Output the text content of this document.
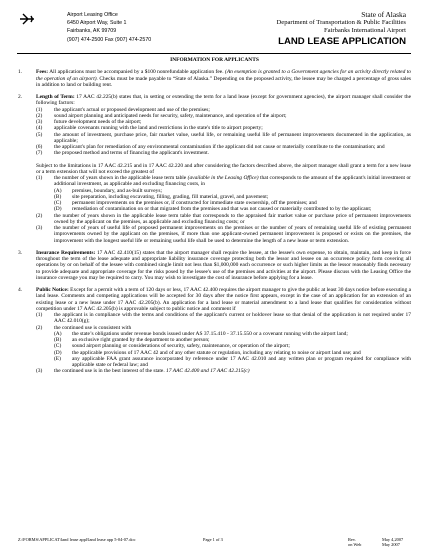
Airport Leasing Office
6450 Airport Way, Suite 1
Fairbanks, AK 99709
(907) 474-2500 Fax (907) 474-2570
State of Alaska
Department of Transportation & Public Facilities
Fairbanks International Airport
LAND LEASE APPLICATION

INFORMATION FOR APPLICANTS

1.	Fees: All applications must be accompanied by a $100 nonrefundable application fee. (An exemption is granted to a Government agencies for an activity directly related to the operation of an airport). Checks must be made payable to “State of Alaska.” Depending on the proposed activity, the lessee may be charged a percentage of gross sales in addition to land or building rent.

2.	Length of Term: 17 AAC 42.225(b) states that, in setting or extending the term for a land lease (except for government agencies), the airport manager shall consider the following factors:

(1)	the applicant's actual or proposed development and use of the premises;
(2)	sound airport planning and anticipated needs for security, safety, maintenance, and operation of the airport;
(3)	future development needs of the airport;
(4)	applicable covenants running with the land and restrictions in the state's title to airport property;
(5)	the amount of investment, purchase price, fair market value, useful life, or remaining useful life of permanent improvements documented in the application, as applicable;
(6)	the applicant's plan for remediation of any environmental contamination if the applicant did not cause or materially contribute to the contamination; and
(7)	the proposed method and terms of financing the applicant's investment.

Subject to the limitations in 17 AAC 42.215 and in 17 AAC 42.220 and after considering the factors described above, the airport manager shall grant a term for a new lease or a term extension that will not exceed the greatest of

(1)	the number of years shown in the applicable lease term table (available in the Leasing Office) that corresponds to the amount of the applicant's initial investment or additional investment, as applicable and excluding financing costs, in
(A)	premises, boundary, and as-built surveys;
(B)	site preparation, including excavating, filling, grading, fill material, gravel, and pavement;
(C)	permanent improvements on the premises or, if constructed for immediate state ownership, off the premises; and
(D)	remediation of contamination on or that migrated from the premises and that was not caused or materially contributed to by the applicant;
(2)	the number of years shown in the applicable lease term table that corresponds to the appraised fair market value or purchase price of permanent improvements owned by the applicant on the premises, as applicable and excluding financing costs; or
(3)	the number of years of useful life of proposed permanent improvements on the premises or the number of years of remaining useful life of existing permanent improvements owned by the applicant on the premises, if more than one applicant-owned permanent improvement is proposed or exists on the premises, the improvement with the longest useful life or remaining useful life shall be used to determine the length of a new lease or term extension.
3.	Insurance Requirements: 17 AAC 42.410(15) states that the airport manager shall require the lessee, at the lessee's own expense, to obtain, maintain, and keep in force throughout the term of the lease adequate and appropriate liability insurance coverage protecting both the lessor and lessee on an occurrence policy form covering all operations by or on behalf of the lessee with combined single limit not less than $1,000,000 each occurrence or such higher limits as the lessor reasonably finds necessary to provide adequate and appropriate coverage for the risks posed by the lessee's use of the premises and activities at the airport. Please discuss with the Leasing Office the insurance coverage you may be required to carry. You may wish to investigate the cost of insurance before applying for a lease.

4.	Public Notice: Except for a permit with a term of 120 days or less, 17 AAC 42.400 requires the airport manager to give the public at least 30 days notice before executing a land lease. Comments and competing applications will be accepted for 30 days after the notice first appears, except in the case of an application for an extension of an existing lease or a new lease under 17 AAC 42.205(b). An application for a land lease or material amendment to a land lease that qualifies for consideration without competition under 17 AAC 42.205(b) is approvable subject to public notice and comment if

(1)	the applicant is in compliance with the terms and conditions of the applicant's current or holdover lease so that denial of the application is not required under 17 AAC 42.010(g);
(2)	the continued use is consistent with
(A)	the state’s obligations under revenue bonds issued under AS 37.15.410 - 37.15.550 or a covenant running with the airport land;
(B)	an exclusive right granted by the department to another person;
(C)	sound airport planning or considerations of security, safety, maintenance, or operation of the airport;
(D)	the applicable provisions of 17 AAC 42 and of any other statute or regulation, including any relating to noise or airport land use; and
(E)	any applicable FAA grant assurance incorporated by reference under 17 AAC 42.010 and any written plan or program required for compliance with applicable state or federal law; and
(3)	the continued use is in the best interest of the state. 17 AAC 42.400 and 17 AAC 42.215(c)
Z:\FORMS\APPLICAT\land lease appl\land lease app 5-04-07.doc	Page 1 of 3	Rev.	May 4,2007
on Web	May 2007
